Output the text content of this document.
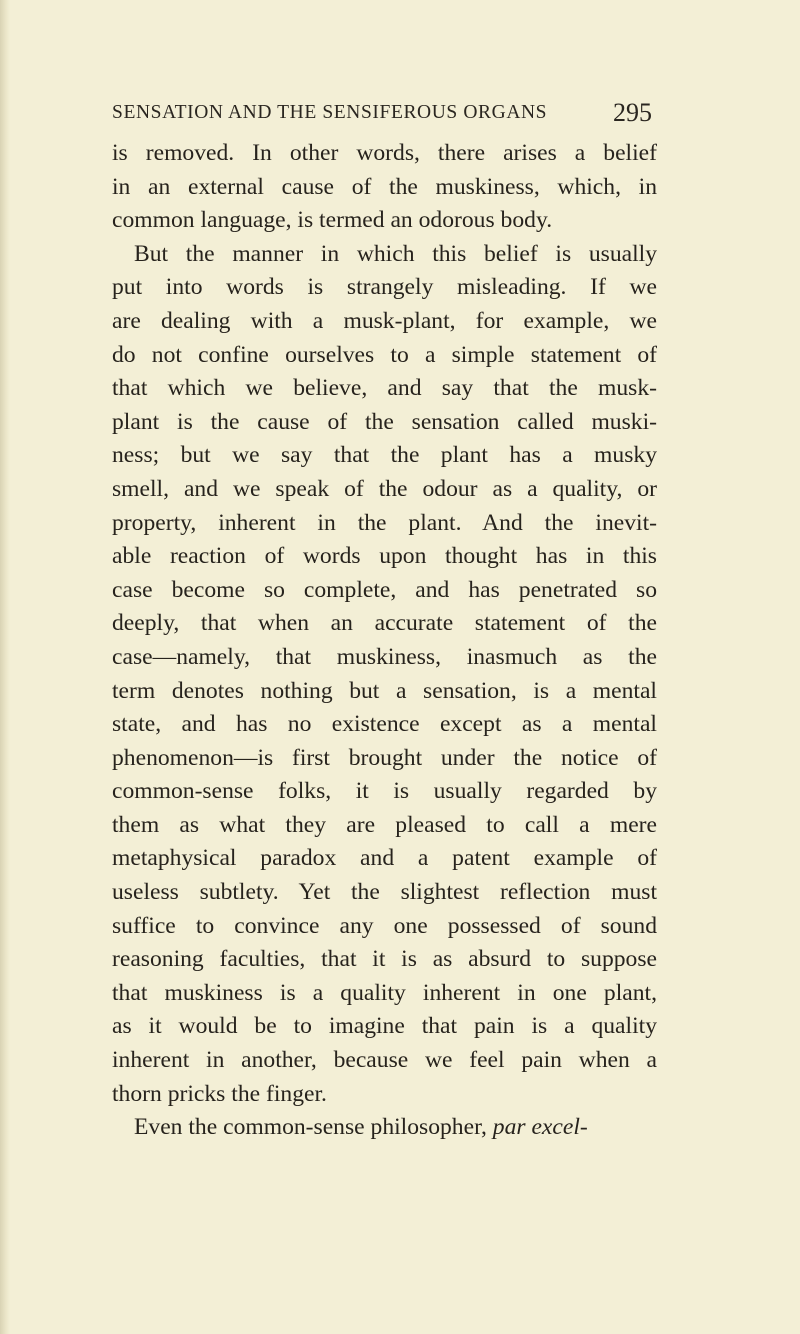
SENSATION AND THE SENSIFEROUS ORGANS	295
is removed. In other words, there arises a belief
in an external cause of the muskiness, which, in
common language, is termed an odorous body.
But the manner in which this belief is usually
put into words is strangely misleading. If we
are dealing with a musk-plant, for example, we
do not confine ourselves to a simple statement of
that which we believe, and say that the musk-
plant is the cause of the sensation called muski-
ness; but we say that the plant has a musky
smell, and we speak of the odour as a quality, or
property, inherent in the plant. And the inevit-
able reaction of words upon thought has in this
case become so complete, and has penetrated so
deeply, that when an accurate statement of the
case—namely, that muskiness, inasmuch as the
term denotes nothing but a sensation, is a mental
state, and has no existence except as a mental
phenomenon—is first brought under the notice of
common-sense folks, it is usually regarded by
them as what they are pleased to call a mere
metaphysical paradox and a patent example of
useless subtlety. Yet the slightest reflection must
suffice to convince any one possessed of sound
reasoning faculties, that it is as absurd to suppose
that muskiness is a quality inherent in one plant,
as it would be to imagine that pain is a quality
inherent in another, because we feel pain when a
thorn pricks the finger.
Even the common-sense philosopher, par excel-
